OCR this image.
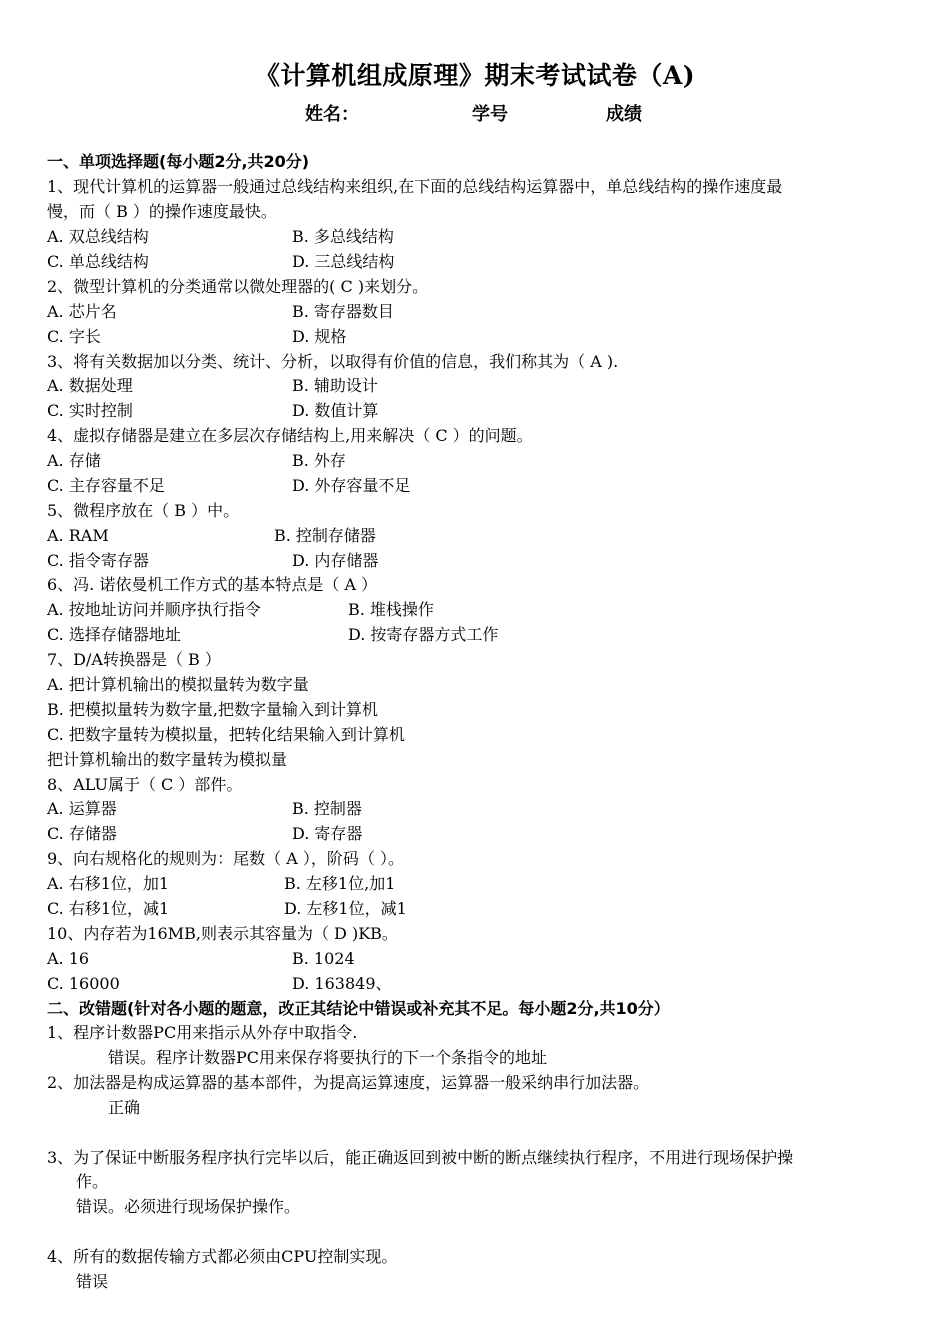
《计算机组成原理》期末考试试卷（A)
姓名：	学号	成绩
一、单项选择题(每小题2分,共20分)
1、现代计算机的运算器一般通过总线结构来组织,在下面的总线结构运算器中，单总线结构的操作速度最
慢，而（ B ）的操作速度最快。
A. 双总线结构	B. 多总线结构
C. 单总线结构	D. 三总线结构
2、微型计算机的分类通常以微处理器的( C )来划分。
A. 芯片名	B. 寄存器数目
C. 字长	D. 规格
3、将有关数据加以分类、统计、分析，以取得有价值的信息，我们称其为（ A ).
A. 数据处理	B. 辅助设计
C. 实时控制	D. 数值计算
4、虚拟存储器是建立在多层次存储结构上,用来解决（ C ）的问题。
A. 存储	B. 外存
C. 主存容量不足	D. 外存容量不足
5、微程序放在（ B ）中。
A. RAM	B. 控制存储器
C. 指令寄存器	D. 内存储器
6、冯. 诺依曼机工作方式的基本特点是（ A ）
A. 按地址访问并顺序执行指令	B. 堆栈操作
C. 选择存储器地址	D. 按寄存器方式工作
7、D/A转换器是（ B ）
A. 把计算机输出的模拟量转为数字量
B. 把模拟量转为数字量,把数字量输入到计算机
C. 把数字量转为模拟量，把转化结果输入到计算机
把计算机输出的数字量转为模拟量
8、ALU属于（ C ）部件。
A. 运算器	B. 控制器
C. 存储器	D. 寄存器
9、向右规格化的规则为：尾数（ A ），阶码（ ）。
A. 右移1位，加1	B. 左移1位,加1
C. 右移1位，减1	D. 左移1位，减1
10、内存若为16MB,则表示其容量为（ D )KB。
A. 16	B. 1024
C. 16000	D. 163849、
二、改错题(针对各小题的题意，改正其结论中错误或补充其不足。每小题2分,共10分）
1、程序计数器PC用来指示从外存中取指令.
错误。程序计数器PC用来保存将要执行的下一个条指令的地址
2、加法器是构成运算器的基本部件，为提高运算速度，运算器一般采纳串行加法器。
正确
3、为了保证中断服务程序执行完毕以后，能正确返回到被中断的断点继续执行程序，不用进行现场保护操
作。
错误。必须进行现场保护操作。
4、所有的数据传输方式都必须由CPU控制实现。
错误
